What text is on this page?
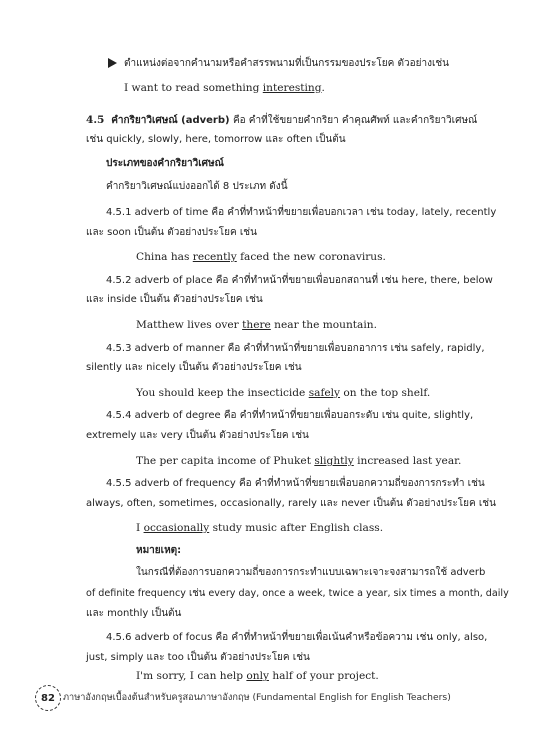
ตำแหน่งต่อจากคำนามหรือคำสรรพนามที่เป็นกรรมของประโยค ตัวอย่างเช่น
I want to read something interesting.
4.5 คำกริยาวิเศษณ์ (adverb) คือ คำที่ใช้ขยายคำกริยา คำคุณศัพท์ และคำกริยาวิเศษณ์
เช่น quickly, slowly, here, tomorrow และ often เป็นต้น
ประเภทของคำกริยาวิเศษณ์
คำกริยาวิเศษณ์แบ่งออกได้ 8 ประเภท ดังนี้
4.5.1 adverb of time คือ คำที่ทำหน้าที่ขยายเพื่อบอกเวลา เช่น today, lately, recently
และ soon เป็นต้น ตัวอย่างประโยค เช่น
China has recently faced the new coronavirus.
4.5.2 adverb of place คือ คำที่ทำหน้าที่ขยายเพื่อบอกสถานที่ เช่น here, there, below
และ inside เป็นต้น ตัวอย่างประโยค เช่น
Matthew lives over there near the mountain.
4.5.3 adverb of manner คือ คำที่ทำหน้าที่ขยายเพื่อบอกอาการ เช่น safely, rapidly,
silently และ nicely เป็นต้น ตัวอย่างประโยค เช่น
You should keep the insecticide safely on the top shelf.
4.5.4 adverb of degree คือ คำที่ทำหน้าที่ขยายเพื่อบอกระดับ เช่น quite, slightly,
extremely และ very เป็นต้น ตัวอย่างประโยค เช่น
The per capita income of Phuket slightly increased last year.
4.5.5 adverb of frequency คือ คำที่ทำหน้าที่ขยายเพื่อบอกความถี่ของการกระทำ เช่น
always, often, sometimes, occasionally, rarely และ never เป็นต้น ตัวอย่างประโยค เช่น
I occasionally study music after English class.
หมายเหตุ:
ในกรณีที่ต้องการบอกความถี่ของการกระทำแบบเฉพาะเจาะจงสามารถใช้ adverb
of definite frequency เช่น every day, once a week, twice a year, six times a month, daily
และ monthly เป็นต้น
4.5.6 adverb of focus คือ คำที่ทำหน้าที่ขยายเพื่อเน้นคำหรือข้อความ เช่น only, also,
just, simply และ too เป็นต้น ตัวอย่างประโยค เช่น
I'm sorry, I can help only half of your project.
82 ภาษาอังกฤษเบื้องต้นสำหรับครูสอนภาษาอังกฤษ (Fundamental English for English Teachers)
